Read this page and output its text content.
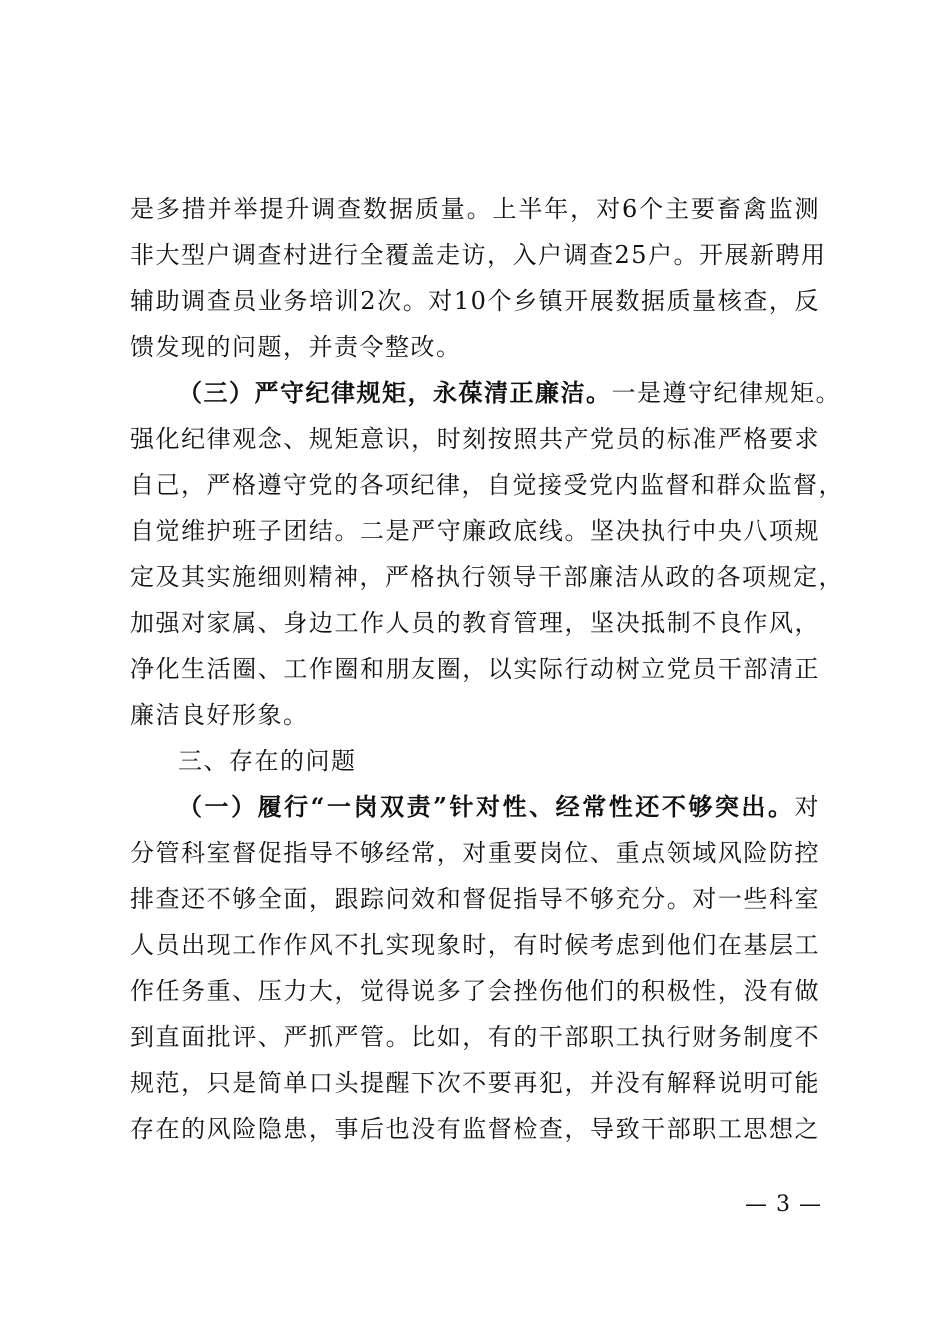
是多措并举提升调查数据质量。上半年，对6个主要畜禽监测
非大型户调查村进行全覆盖走访，入户调查25户。开展新聘用
辅助调查员业务培训2次。对10个乡镇开展数据质量核查，反
馈发现的问题，并责令整改。
（三）严守纪律规矩，永葆清正廉洁。一是遵守纪律规矩。
强化纪律观念、规矩意识，时刻按照共产党员的标准严格要求
自己，严格遵守党的各项纪律，自觉接受党内监督和群众监督，
自觉维护班子团结。二是严守廉政底线。坚决执行中央八项规
定及其实施细则精神，严格执行领导干部廉洁从政的各项规定，
加强对家属、身边工作人员的教育管理，坚决抵制不良作风，
净化生活圈、工作圈和朋友圈，以实际行动树立党员干部清正
廉洁良好形象。
三、存在的问题
（一）履行“一岗双责”针对性、经常性还不够突出。对
分管科室督促指导不够经常，对重要岗位、重点领域风险防控
排查还不够全面，跟踪问效和督促指导不够充分。对一些科室
人员出现工作作风不扎实现象时，有时候考虑到他们在基层工
作任务重、压力大，觉得说多了会挫伤他们的积极性，没有做
到直面批评、严抓严管。比如，有的干部职工执行财务制度不
规范，只是简单口头提醒下次不要再犯，并没有解释说明可能
存在的风险隐患，事后也没有监督检查，导致干部职工思想之
— 3 —
